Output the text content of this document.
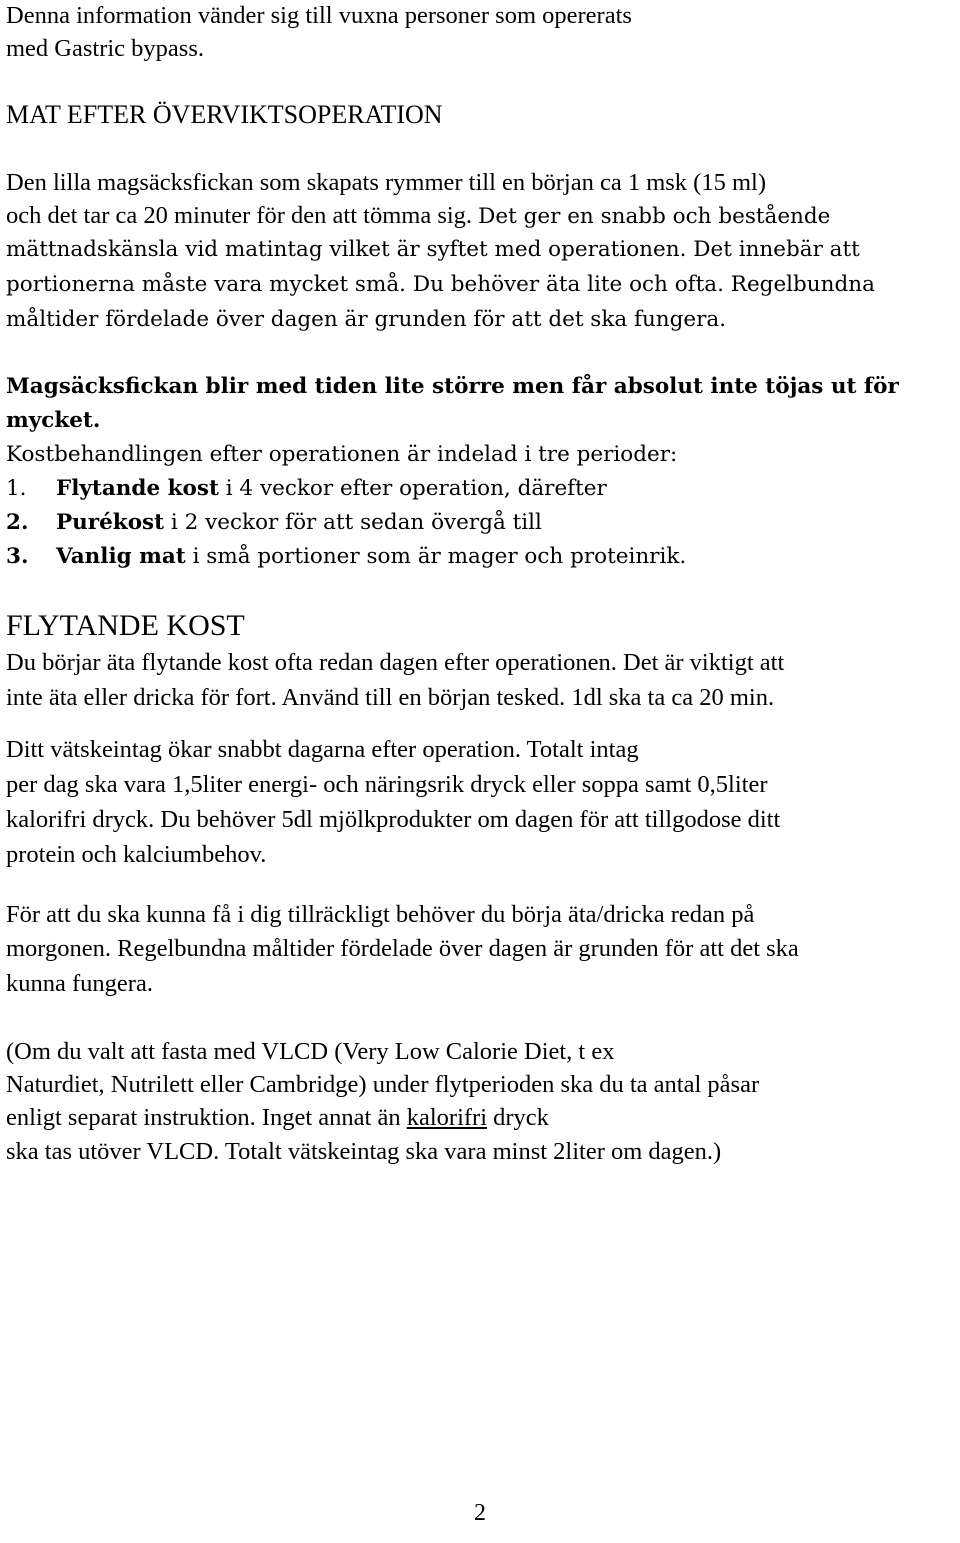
Denna information vänder sig till vuxna personer som opererats

med Gastric bypass.

MAT EFTER ÖVERVIKTSOPERATION

Den lilla magsäcksfickan som skapats rymmer till en början ca 1 msk (15 ml)

och det tar ca 20 minuter för den att tömma sig. Det ger en snabb och bestående

mättnadskänsla vid matintag vilket är syftet med operationen. Det innebär att

portionerna måste vara mycket små. Du behöver äta lite och ofta. Regelbundna

måltider fördelade över dagen är grunden för att det ska fungera.

Magsäcksfickan blir med tiden lite större men får absolut inte töjas ut för

mycket.

Kostbehandlingen efter operationen är indelad i tre perioder:

1. Flytande kost i 4 veckor efter operation, därefter

2. Purékost i 2 veckor för att sedan övergå till

3. Vanlig mat i små portioner som är mager och proteinrik.

FLYTANDE KOST

Du börjar äta flytande kost ofta redan dagen efter operationen. Det är viktigt att

inte äta eller dricka för fort. Använd till en början tesked. 1dl ska ta ca 20 min.

Ditt vätskeintag ökar snabbt dagarna efter operation. Totalt intag

per dag ska vara 1,5liter energi- och näringsrik dryck eller soppa samt 0,5liter

kalorifri dryck. Du behöver 5dl mjölkprodukter om dagen för att tillgodose ditt

protein och kalciumbehov.

För att du ska kunna få i dig tillräckligt behöver du börja äta/dricka redan på

morgonen. Regelbundna måltider fördelade över dagen är grunden för att det ska

kunna fungera.

(Om du valt att fasta med VLCD (Very Low Calorie Diet, t ex

Naturdiet, Nutrilett eller Cambridge) under flytperioden ska du ta antal påsar

enligt separat instruktion. Inget annat än kalorifri dryck

ska tas utöver VLCD. Totalt vätskeintag ska vara minst 2liter om dagen.)

2
